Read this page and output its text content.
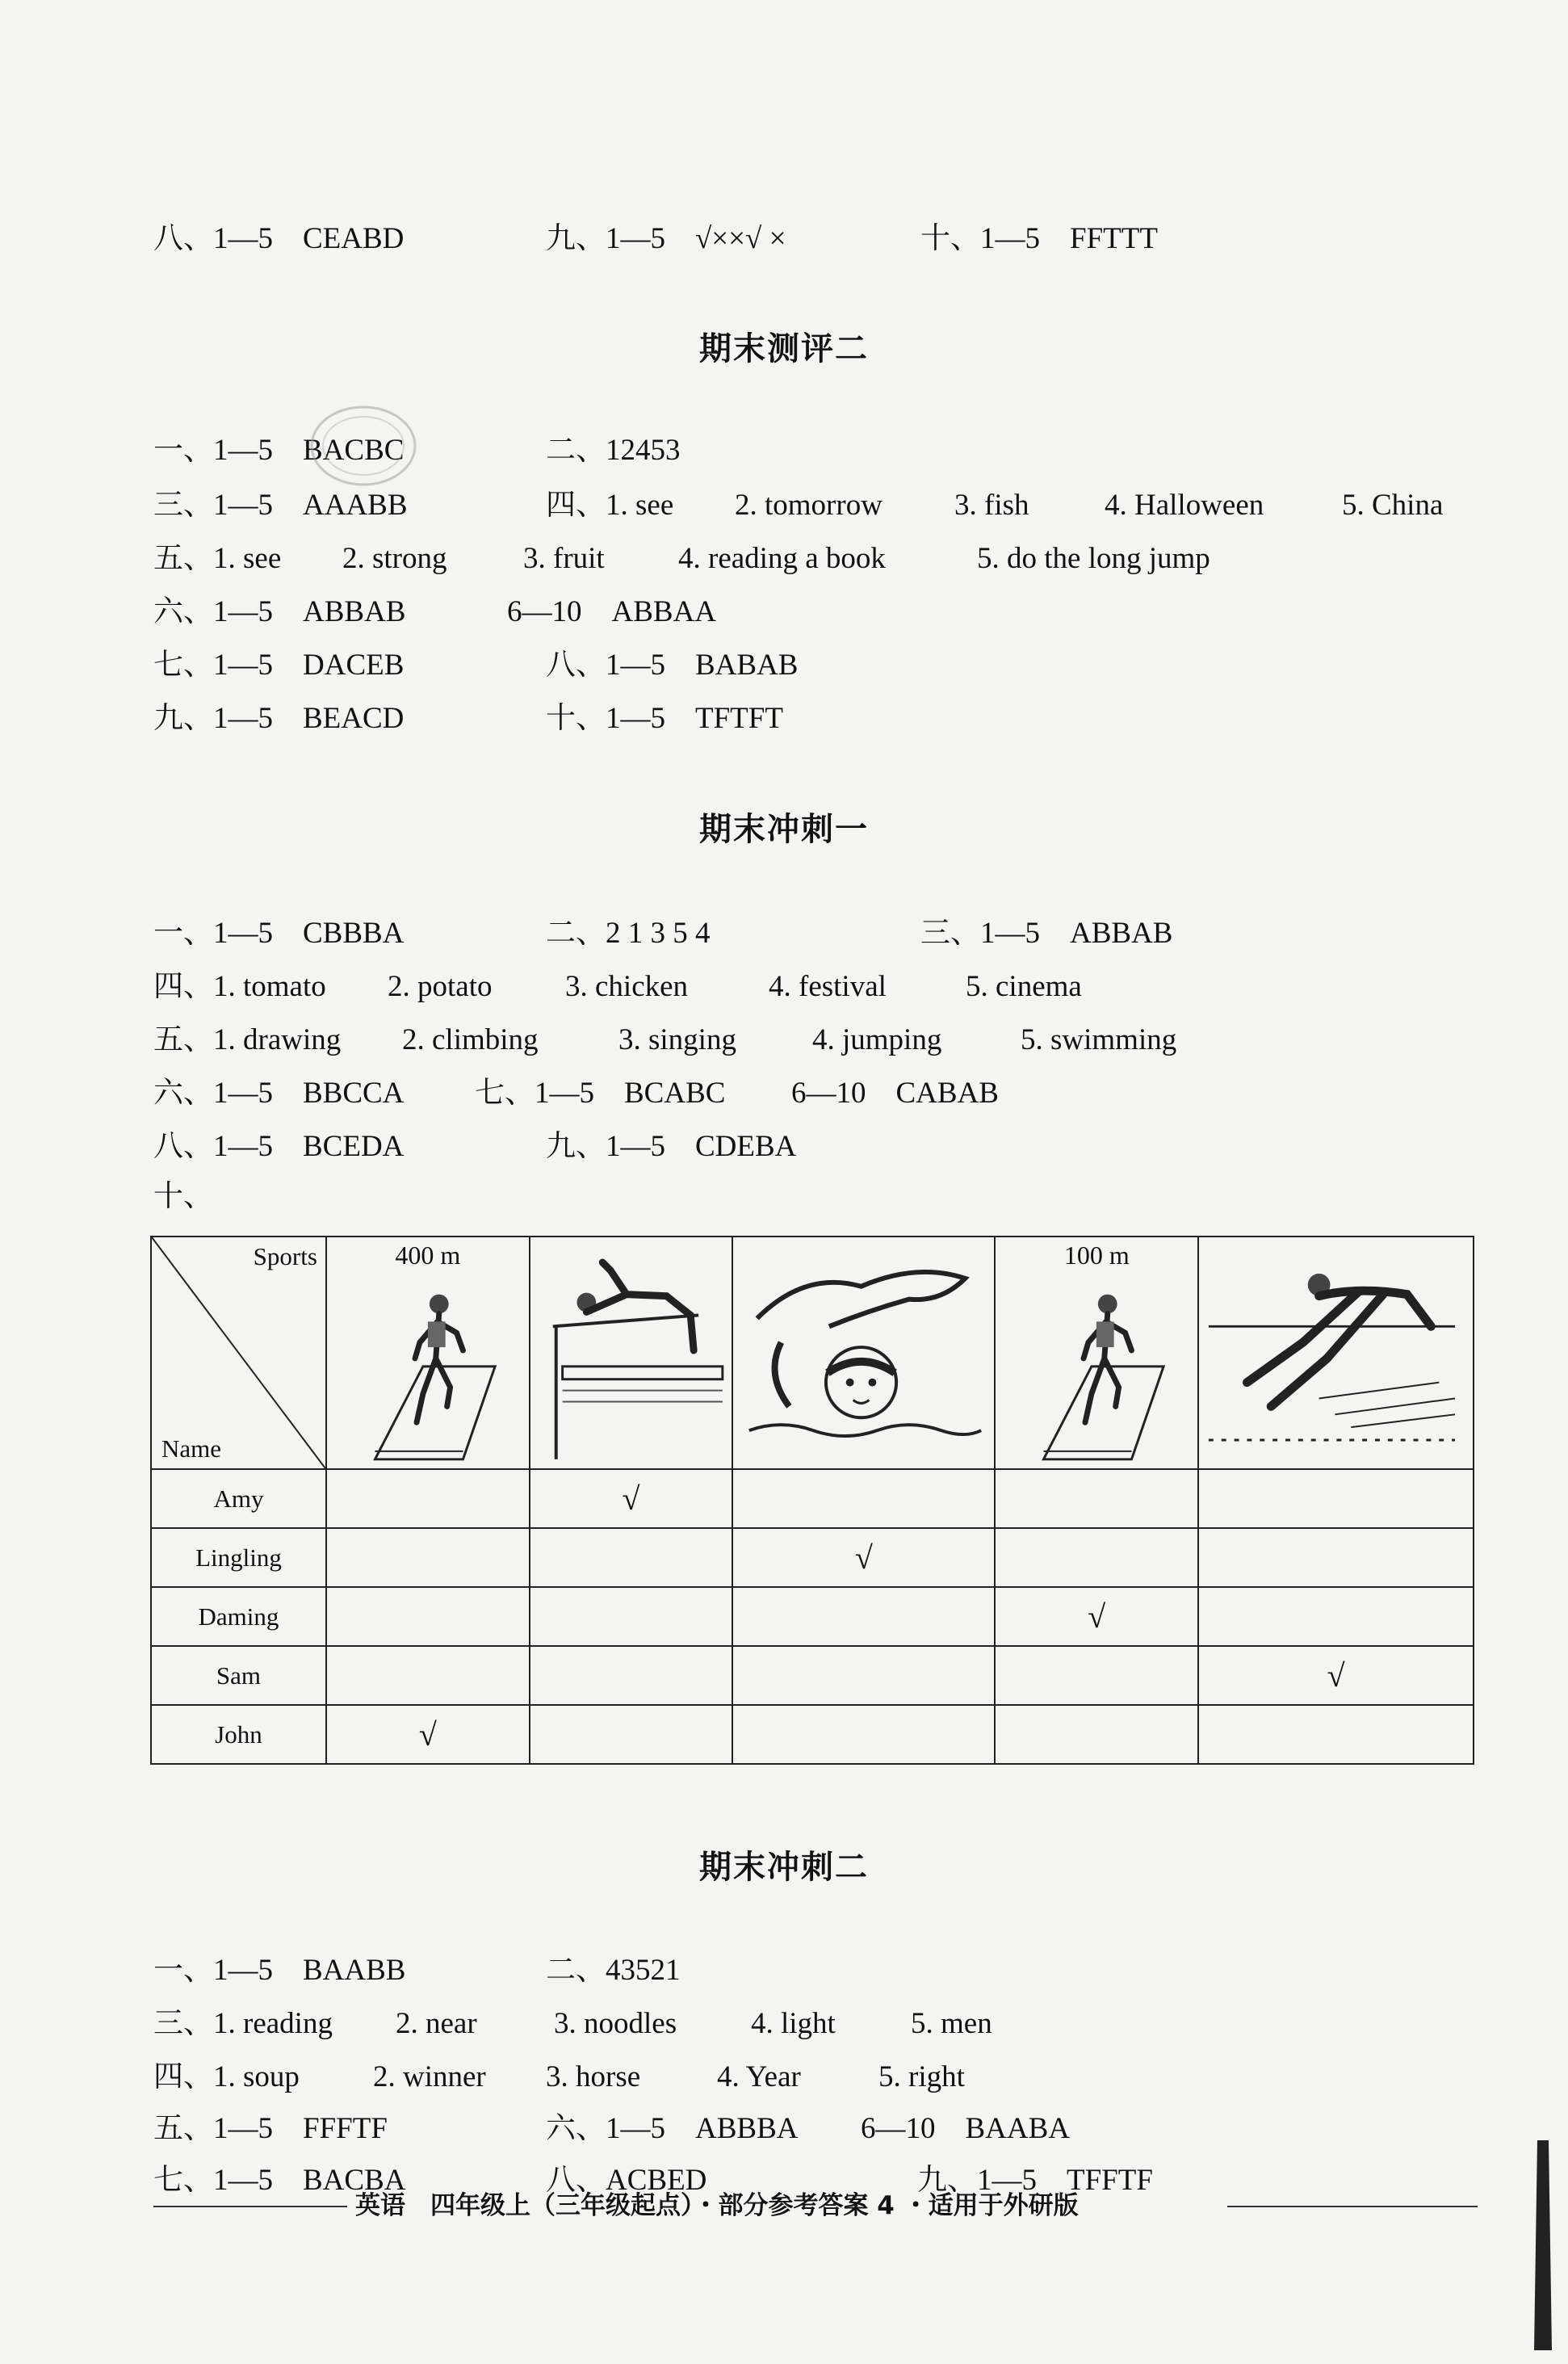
八、1—5　CEABD	九、1—5　√××√ ×	十、1—5　FFTTT
期末测评二
一、1—5　BACBC	二、12453
三、1—5　AAABB	四、1. see 2. tomorrow 3. fish	4. Halloween	5. China
五、1. see 2. strong	3. fruit 4. reading a book	5. do the long jump
六、1—5　ABBAB	6—10　ABBAA
七、1—5　DACEB	八、1—5　BABAB
九、1—5　BEACD	十、1—5　TFTFT
期末冲刺一
一、1—5　CBBBA	二、2 1 3 5 4	三、1—5　ABBAB
四、1. tomato 2. potato 3. chicken	4. festival	5. cinema
五、1. drawing 2. climbing	3. singing	4. jumping	5. swimming
六、1—5　BBCCA 七、1—5　BCABC 6—10　CABAB
八、1—5　BCEDA	九、1—5　CDEBA
十、
Sports
Name	400 m			100 m

Amy		√			
Lingling			√		
Daming				√	
Sam					√
John	√				
期末冲刺二
一、1—5　BAABB	二、43521
三、1. reading 2. near	3. noodles 4. light	5. men
四、1. soup 2. winner 3. horse	4. Year	5. right
五、1—5　FFFTF	六、1—5　ABBBA 6—10　BAABA
七、1—5　BACBA	八、ACBED	九、1—5　TFFTF
英语　四年级上（三年级起点）・部分参考答案 4 ・适用于外研版
